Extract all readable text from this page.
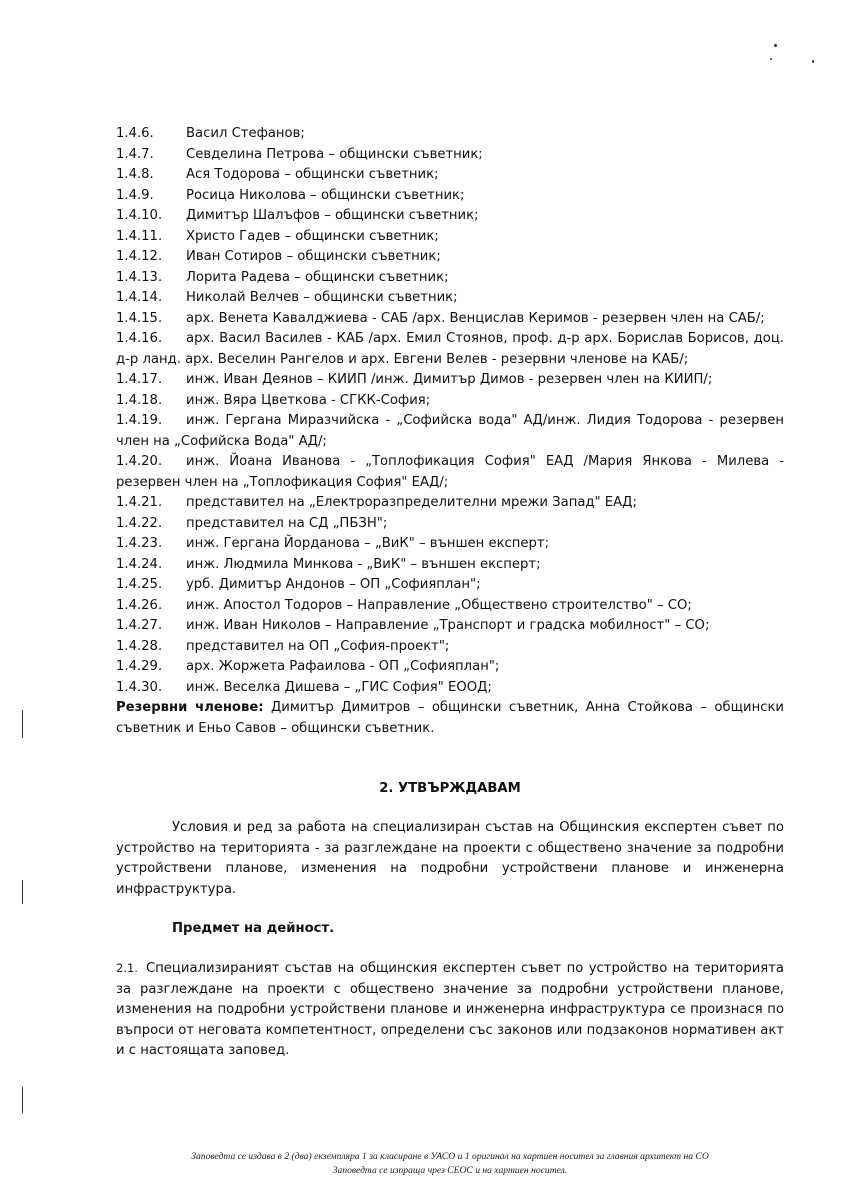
1.4.6.	Васил Стефанов;
1.4.7.	Севделина Петрова – общински съветник;
1.4.8.	Ася Тодорова – общински съветник;
1.4.9.	Росица Николова – общински съветник;
1.4.10.	Димитър Шалъфов – общински съветник;
1.4.11.	Христо Гадев – общински съветник;
1.4.12.	Иван Сотиров – общински съветник;
1.4.13.	Лорита Радева – общински съветник;
1.4.14.	Николай Велчев – общински съветник;
1.4.15.	арх. Венета Кавалджиева - САБ /арх. Венцислав Керимов - резервен член на САБ/;
1.4.16.	арх. Васил Василев - КАБ /арх. Емил Стоянов, проф. д-р арх. Борислав Борисов, доц. д-р ланд. арх. Веселин Рангелов и арх. Евгени Велев - резервни членове на КАБ/;
1.4.17.	инж. Иван Деянов – КИИП /инж. Димитър Димов - резервен член на КИИП/;
1.4.18.	инж. Вяра Цветкова - СГКК-София;
1.4.19.	инж. Гергана Миразчийска - „Софийска вода" АД/инж. Лидия Тодорова - резервен член на „Софийска Вода" АД/;
1.4.20.	инж. Йоана Иванова - „Топлофикация София" ЕАД /Мария Янкова - Милева - резервен член на „Топлофикация София" ЕАД/;
1.4.21.	представител на „Електроразпределителни мрежи Запад" ЕАД;
1.4.22.	представител на СД „ПБЗН";
1.4.23.	инж. Гергана Йорданова – „ВиК" – външен експерт;
1.4.24.	инж. Людмила Минкова - „ВиК" – външен експерт;
1.4.25.	урб. Димитър Андонов – ОП „Софияплан";
1.4.26.	инж. Апостол Тодоров – Направление „Обществено строителство" – СО;
1.4.27.	инж. Иван Николов – Направление „Транспорт и градска мобилност" – СО;
1.4.28.	представител на ОП „София-проект";
1.4.29.	арх. Жоржета Рафаилова - ОП „Софияплан";
1.4.30.	инж. Веселка Дишева – „ГИС София" ЕООД;
Резервни членове: Димитър Димитров – общински съветник, Анна Стойкова – общински съветник и Еньо Савов – общински съветник.
2. УТВЪРЖДАВАМ
Условия и ред за работа на специализиран състав на Общинския експертен съвет по устройство на територията - за разглеждане на проекти с обществено значение за подробни устройствени планове, изменения на подробни устройствени планове и инженерна инфраструктура.
Предмет на дейност.
2.1. Специализираният състав на общинския експертен съвет по устройство на територията за разглеждане на проекти с обществено значение за подробни устройствени планове, изменения на подробни устройствени планове и инженерна инфраструктура се произнася по въпроси от неговата компетентност, определени със законов или подзаконов нормативен акт и с настоящата заповед.
Заповедта се издава в 2 (два) екземпляра 1 за класиране в УАСО и 1 оригинал на хартиен носител за главния архитект на СО
Заповедта се изпраща чрез СЕОС и на хартиен носител.
